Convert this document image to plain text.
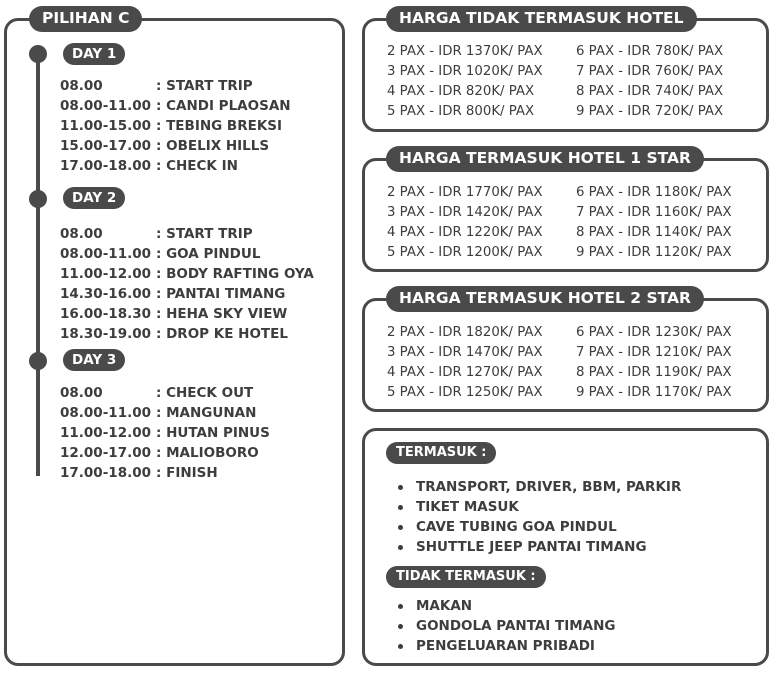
PILIHAN C
DAY 1
08.00	: START TRIP
08.00-11.00 : CANDI PLAOSAN
11.00-15.00 : TEBING BREKSI
15.00-17.00 : OBELIX HILLS
17.00-18.00 : CHECK IN
DAY 2
08.00	: START TRIP
08.00-11.00 : GOA PINDUL
11.00-12.00 : BODY RAFTING OYA
14.30-16.00 : PANTAI TIMANG
16.00-18.30 : HEHA SKY VIEW
18.30-19.00 : DROP KE HOTEL
DAY 3
08.00	: CHECK OUT
08.00-11.00 : MANGUNAN
11.00-12.00 : HUTAN PINUS
12.00-17.00 : MALIOBORO
17.00-18.00 : FINISH
HARGA TIDAK TERMASUK HOTEL
2 PAX - IDR 1370K/ PAX	6 PAX - IDR 780K/ PAX
3 PAX - IDR 1020K/ PAX	7 PAX - IDR 760K/ PAX
4 PAX - IDR 820K/ PAX	8 PAX - IDR 740K/ PAX
5 PAX - IDR 800K/ PAX	9 PAX - IDR 720K/ PAX
HARGA TERMASUK HOTEL 1 STAR
2 PAX - IDR 1770K/ PAX	6 PAX - IDR 1180K/ PAX
3 PAX - IDR 1420K/ PAX	7 PAX - IDR 1160K/ PAX
4 PAX - IDR 1220K/ PAX	8 PAX - IDR 1140K/ PAX
5 PAX - IDR 1200K/ PAX	9 PAX - IDR 1120K/ PAX
HARGA TERMASUK HOTEL 2 STAR
2 PAX - IDR 1820K/ PAX	6 PAX - IDR 1230K/ PAX
3 PAX - IDR 1470K/ PAX	7 PAX - IDR 1210K/ PAX
4 PAX - IDR 1270K/ PAX	8 PAX - IDR 1190K/ PAX
5 PAX - IDR 1250K/ PAX	9 PAX - IDR 1170K/ PAX
TERMASUK :
TRANSPORT, DRIVER, BBM, PARKIR
TIKET MASUK
CAVE TUBING GOA PINDUL
SHUTTLE JEEP PANTAI TIMANG
TIDAK TERMASUK :
MAKAN
GONDOLA PANTAI TIMANG
PENGELUARAN PRIBADI
